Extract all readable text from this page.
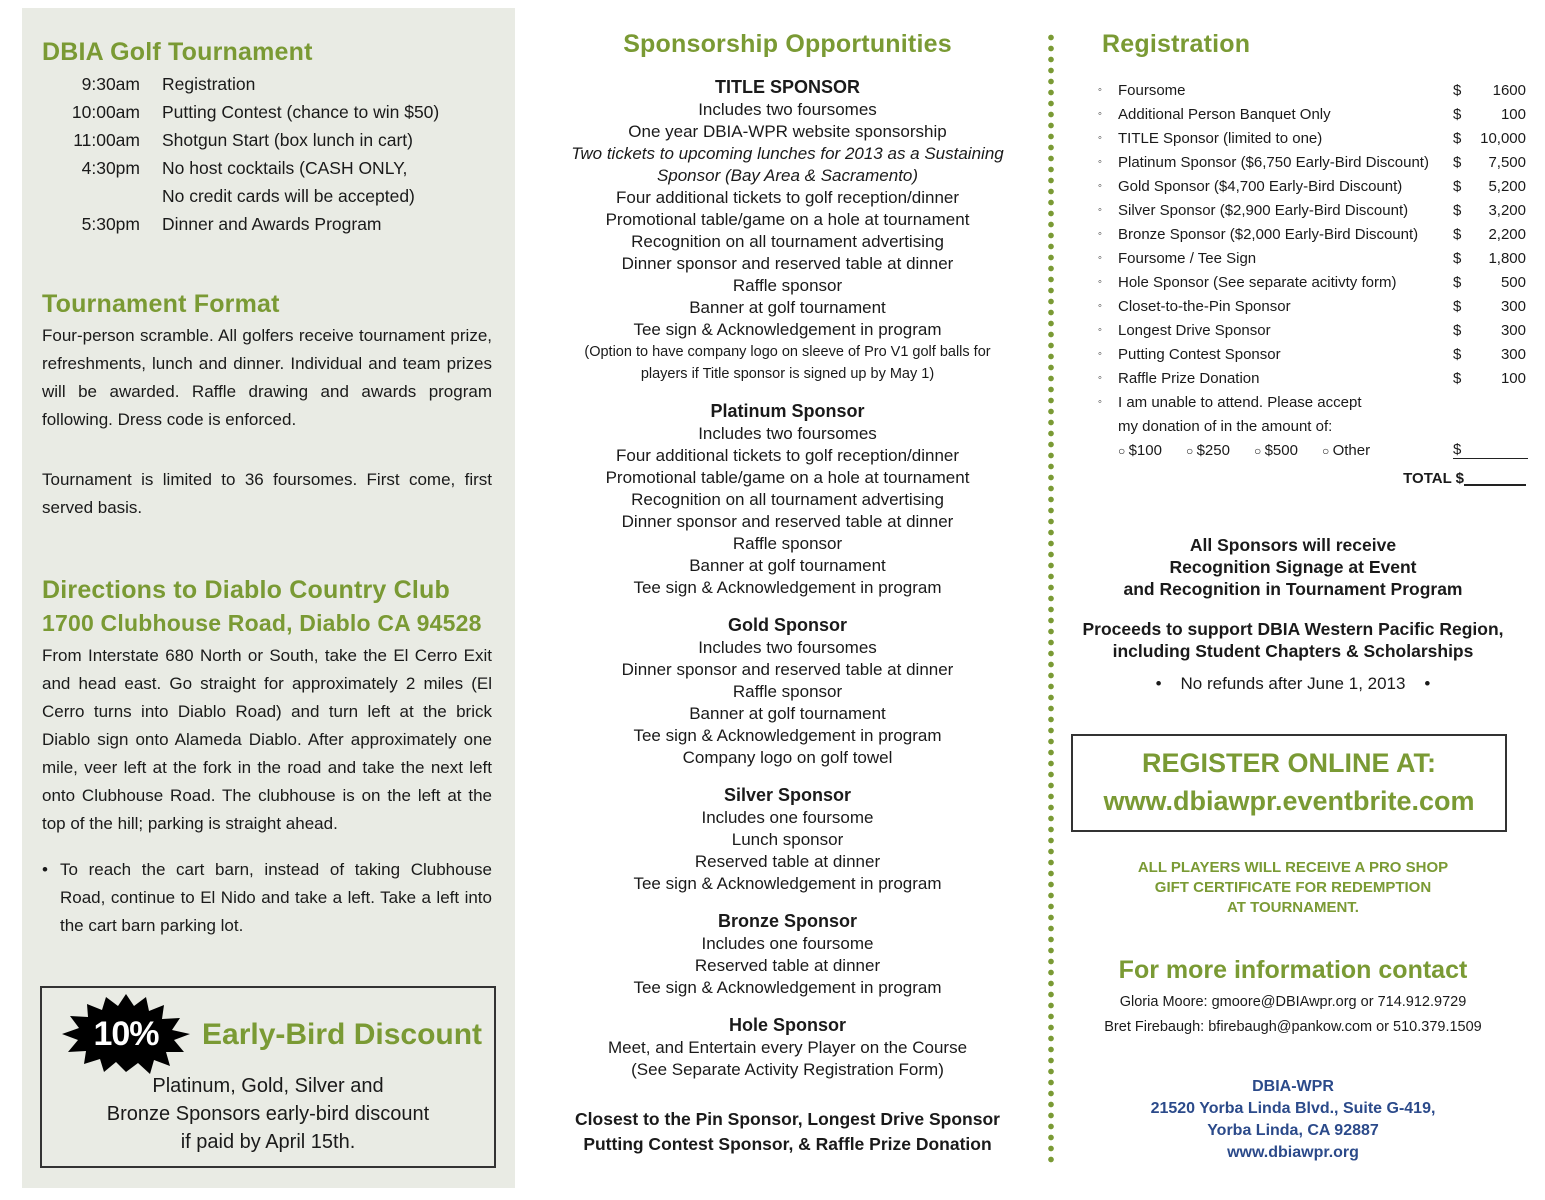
DBIA Golf Tournament
9:30am	Registration
10:00am	Putting Contest (chance to win $50)
11:00am	Shotgun Start (box lunch in cart)
4:30pm	No host cocktails (CASH ONLY,
No credit cards will be accepted)
5:30pm	Dinner and Awards Program
Tournament Format

Four-person scramble. All golfers receive tournament prize, refreshments, lunch and dinner. Individual and team prizes will be awarded. Raffle drawing and awards program following. Dress code is enforced.

Tournament is limited to 36 foursomes. First come, first served basis.

Directions to Diablo Country Club
1700 Clubhouse Road, Diablo CA 94528

From Interstate 680 North or South, take the El Cerro Exit and head east. Go straight for approximately 2 miles (El Cerro turns into Diablo Road) and turn left at the brick Diablo sign onto Alameda Diablo. After approximately one mile, veer left at the fork in the road and take the next left onto Clubhouse Road. The clubhouse is on the left at the top of the hill; parking is straight ahead.

• To reach the cart barn, instead of taking Clubhouse Road, continue to El Nido and take a left. Take a left into the cart barn parking lot.

10%	Early-Bird Discount
Platinum, Gold, Silver and
Bronze Sponsors early-bird discount
if paid by April 15th.
Sponsorship Opportunities
TITLE SPONSOR
Includes two foursomes
One year DBIA-WPR website sponsorship
Two tickets to upcoming lunches for 2013 as a Sustaining
Sponsor (Bay Area & Sacramento)
Four additional tickets to golf reception/dinner
Promotional table/game on a hole at tournament
Recognition on all tournament advertising
Dinner sponsor and reserved table at dinner
Raffle sponsor
Banner at golf tournament
Tee sign & Acknowledgement in program
(Option to have company logo on sleeve of Pro V1 golf balls for
players if Title sponsor is signed up by May 1)
Platinum Sponsor
Includes two foursomes
Four additional tickets to golf reception/dinner
Promotional table/game on a hole at tournament
Recognition on all tournament advertising
Dinner sponsor and reserved table at dinner
Raffle sponsor
Banner at golf tournament
Tee sign & Acknowledgement in program
Gold Sponsor
Includes two foursomes
Dinner sponsor and reserved table at dinner
Raffle sponsor
Banner at golf tournament
Tee sign & Acknowledgement in program
Company logo on golf towel
Silver Sponsor
Includes one foursome
Lunch sponsor
Reserved table at dinner
Tee sign & Acknowledgement in program
Bronze Sponsor
Includes one foursome
Reserved table at dinner
Tee sign & Acknowledgement in program
Hole Sponsor
Meet, and Entertain every Player on the Course
(See Separate Activity Registration Form)
Closest to the Pin Sponsor, Longest Drive Sponsor
Putting Contest Sponsor, & Raffle Prize Donation
Registration
◦	Foursome	$	1600
◦	Additional Person Banquet Only	$	100
◦	TITLE Sponsor (limited to one)	$	10,000
◦	Platinum Sponsor ($6,750 Early-Bird Discount)	$	7,500
◦	Gold Sponsor ($4,700 Early-Bird Discount)	$	5,200
◦	Silver Sponsor ($2,900 Early-Bird Discount)	$	3,200
◦	Bronze Sponsor ($2,000 Early-Bird Discount)	$	2,200
◦	Foursome / Tee Sign	$	1,800
◦	Hole Sponsor (See separate acitivty form)	$	500
◦	Closet-to-the-Pin Sponsor	$	300
◦	Longest Drive Sponsor	$	300
◦	Putting Contest Sponsor	$	300
◦	Raffle Prize Donation	$	100
◦	I am unable to attend. Please accept
my donation of in the amount of:
○ $100	○ $250	○ $500	○ Other	$
TOTAL $
All Sponsors will receive
Recognition Signage at Event
and Recognition in Tournament Program
Proceeds to support DBIA Western Pacific Region,
including Student Chapters & Scholarships
•    No refunds after June 1, 2013    •
REGISTER ONLINE AT:
www.dbiawpr.eventbrite.com
ALL PLAYERS WILL RECEIVE A PRO SHOP
GIFT CERTIFICATE FOR REDEMPTION
AT TOURNAMENT.
For more information contact
Gloria Moore: gmoore@DBIAwpr.org or 714.912.9729
Bret Firebaugh: bfirebaugh@pankow.com or 510.379.1509
DBIA-WPR
21520 Yorba Linda Blvd., Suite G-419,
Yorba Linda, CA 92887
www.dbiawpr.org
